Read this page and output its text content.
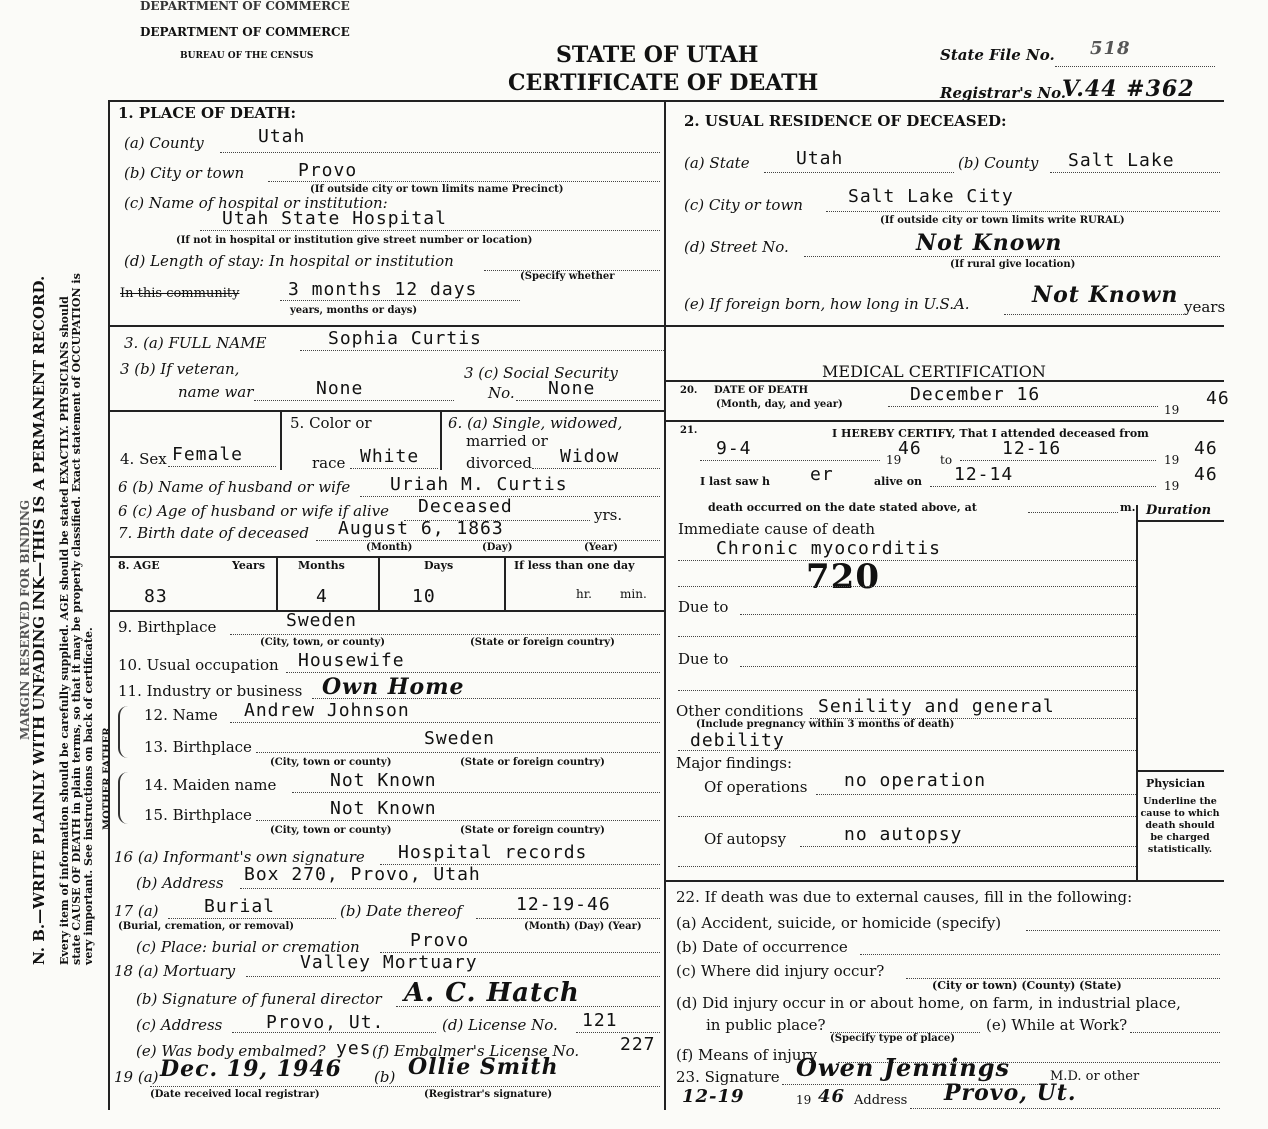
DEPARTMENT OF COMMERCE
DEPARTMENT OF COMMERCE
BUREAU OF THE CENSUS	STATE OF UTAH
CERTIFICATE OF DEATH
State File No. 518
Registrar's No.
V.44 #362
N. B.—WRITE PLAINLY WITH UNFADING INK—THIS IS A PERMANENT RECORD.
MARGIN RESERVED FOR BINDING Every item of information should be carefully supplied. AGE should be stated EXACTLY. PHYSICIANS should state CAUSE OF DEATH in plain terms, so that it may be properly classified. Exact statement of OCCUPATION is very important. See instructions on back of certificate. MOTHER FATHER
1. PLACE OF DEATH:
(a) County	Utah
(b) City or town	Provo
(If outside city or town limits name Precinct)
(c) Name of hospital or institution:
Utah State Hospital
(If not in hospital or institution give street number or location)
(d) Length of stay: In hospital or institution
(Specify whether
In this community	3 months 12 days
years, months or days)
2. USUAL RESIDENCE OF DECEASED:
(a) State	Utah	(b) County Salt Lake
(c) City or town	Salt Lake City
(If outside city or town limits write RURAL)
(d) Street No.	Not Known
(If rural give location)
(e) If foreign born, how long in U.S.A.	Not Known years
3. (a) FULL NAME	Sophia Curtis
3 (b) If veteran,
name war	None
3 (c) Social Security
No. None
5. Color or	6. (a) Single, widowed,
married or
4. Sex Female	race White	divorced Widow
6 (b) Name of husband or wife Uriah M. Curtis
6 (c) Age of husband or wife if alive Deceased	yrs.
7. Birth date of deceased August 6, 1863
(Month)	(Day)	(Year)
8. AGE	Years	Months	Days	If less than one day
83	4	10	hr. min.
9. Birthplace	Sweden
(City, town, or county)	(State or foreign country)
10. Usual occupation Housewife
11. Industry or business Own Home
12. Name Andrew Johnson
13. Birthplace	Sweden
(City, town or county)	(State or foreign country)
14. Maiden name	Not Known
15. Birthplace	Not Known
(City, town or county)	(State or foreign country)
16 (a) Informant's own signature Hospital records
(b) Address Box 270, Provo, Utah
17 (a)	Burial
(Burial, cremation, or removal)
(b) Date thereof	12-19-46
(Month) (Day) (Year)
(c) Place: burial or cremation	Provo
18 (a) Mortuary	Valley Mortuary
(b) Signature of funeral director A. C. Hatch
(c) Address Provo, Ut.	(d) License No. 121
(e) Was body embalmed? yes (f) Embalmer's License No. 227
19 (a) Dec. 19, 1946 (b) Ollie Smith
(Date received local registrar)	(Registrar's signature)
MEDICAL CERTIFICATION
20. DATE OF DEATH
(Month, day, and year)	December 16
19
46
21.	I HEREBY CERTIFY, That I attended deceased from
9-4
19
46
to
12-16
19
46
I last saw h er	alive on 12-14
19
46
death occurred on the date stated above, at	m. Duration
Immediate cause of death
Chronic myocorditis
720
Due to
Due to
Other conditions Senility and general
(Include pregnancy within 3 months of death)
debility
Major findings:
Of operations no operation
Of autopsy	no autopsy
Physician
Underline the cause to which death should be charged statistically.
22. If death was due to external causes, fill in the following:
(a) Accident, suicide, or homicide (specify)
(b) Date of occurrence
(c) Where did injury occur?
(City or town) (County) (State)
(d) Did injury occur in or about home, on farm, in industrial place,
in public place?	(e) While at Work?
(Specify type of place)
(f) Means of injury
23. Signature Owen Jennings	M.D. or other
12-19	19 46 Address Provo, Ut.
